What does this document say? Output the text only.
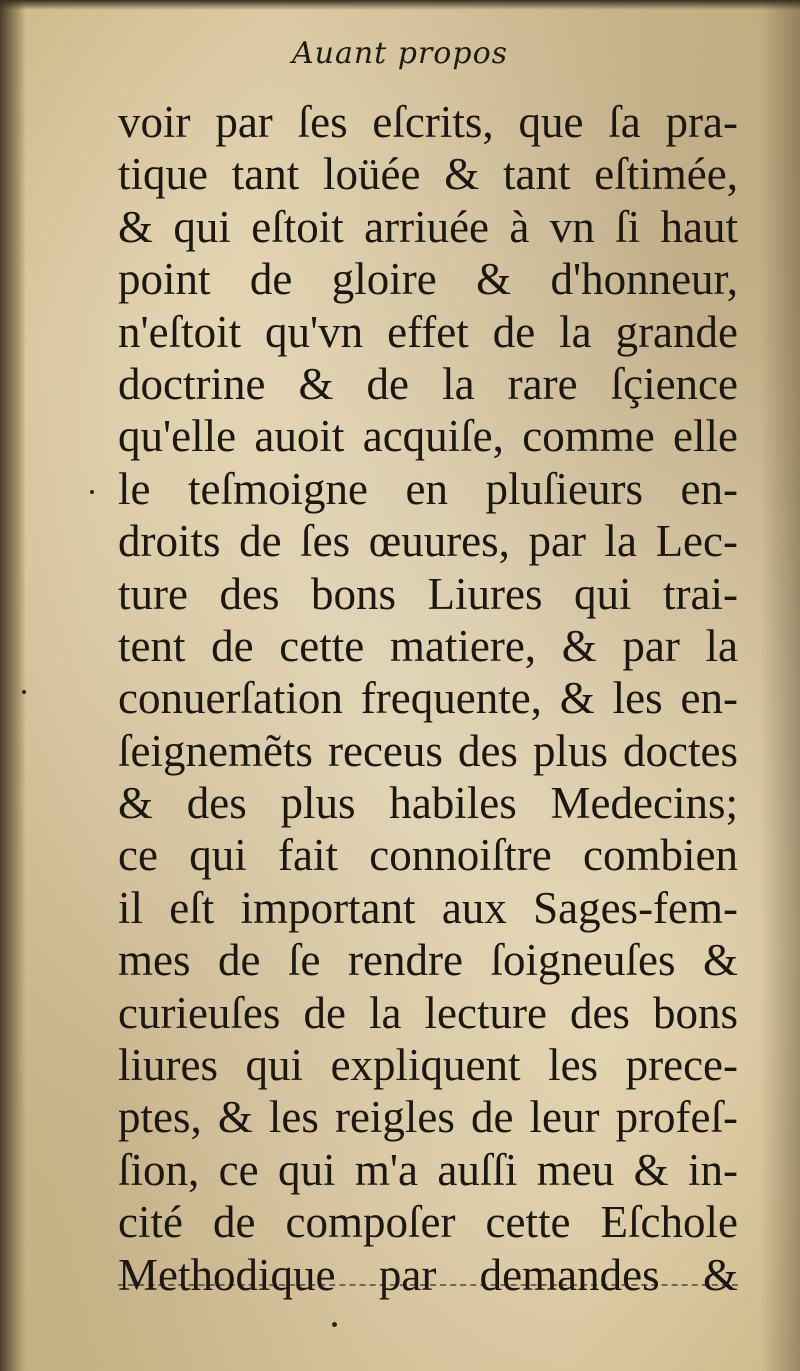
Auant propos
voir par ſes eſcrits, que ſa pra-
tique tant loüée & tant eſtimée,
& qui eſtoit arriuée à vn ſi haut
point de gloire & d'honneur,
n'eſtoit qu'vn effet de la grande
doctrine & de la rare ſçience
qu'elle auoit acquiſe, comme elle
le teſmoigne en pluſieurs en-
droits de ſes œuures, par la Lec-
ture des bons Liures qui trai-
tent de cette matiere, & par la
conuerſation frequente, & les en-
ſeignemẽts receus des plus doctes
& des plus habiles Medecins;
ce qui fait connoiſtre combien
il eſt important aux Sages-fem-
mes de ſe rendre ſoigneuſes &
curieuſes de la lecture des bons
liures qui expliquent les prece-
ptes, & les reigles de leur profeſ-
ſion, ce qui m'a auſſi meu & in-
cité de compoſer cette Eſchole
Methodique par demandes &
